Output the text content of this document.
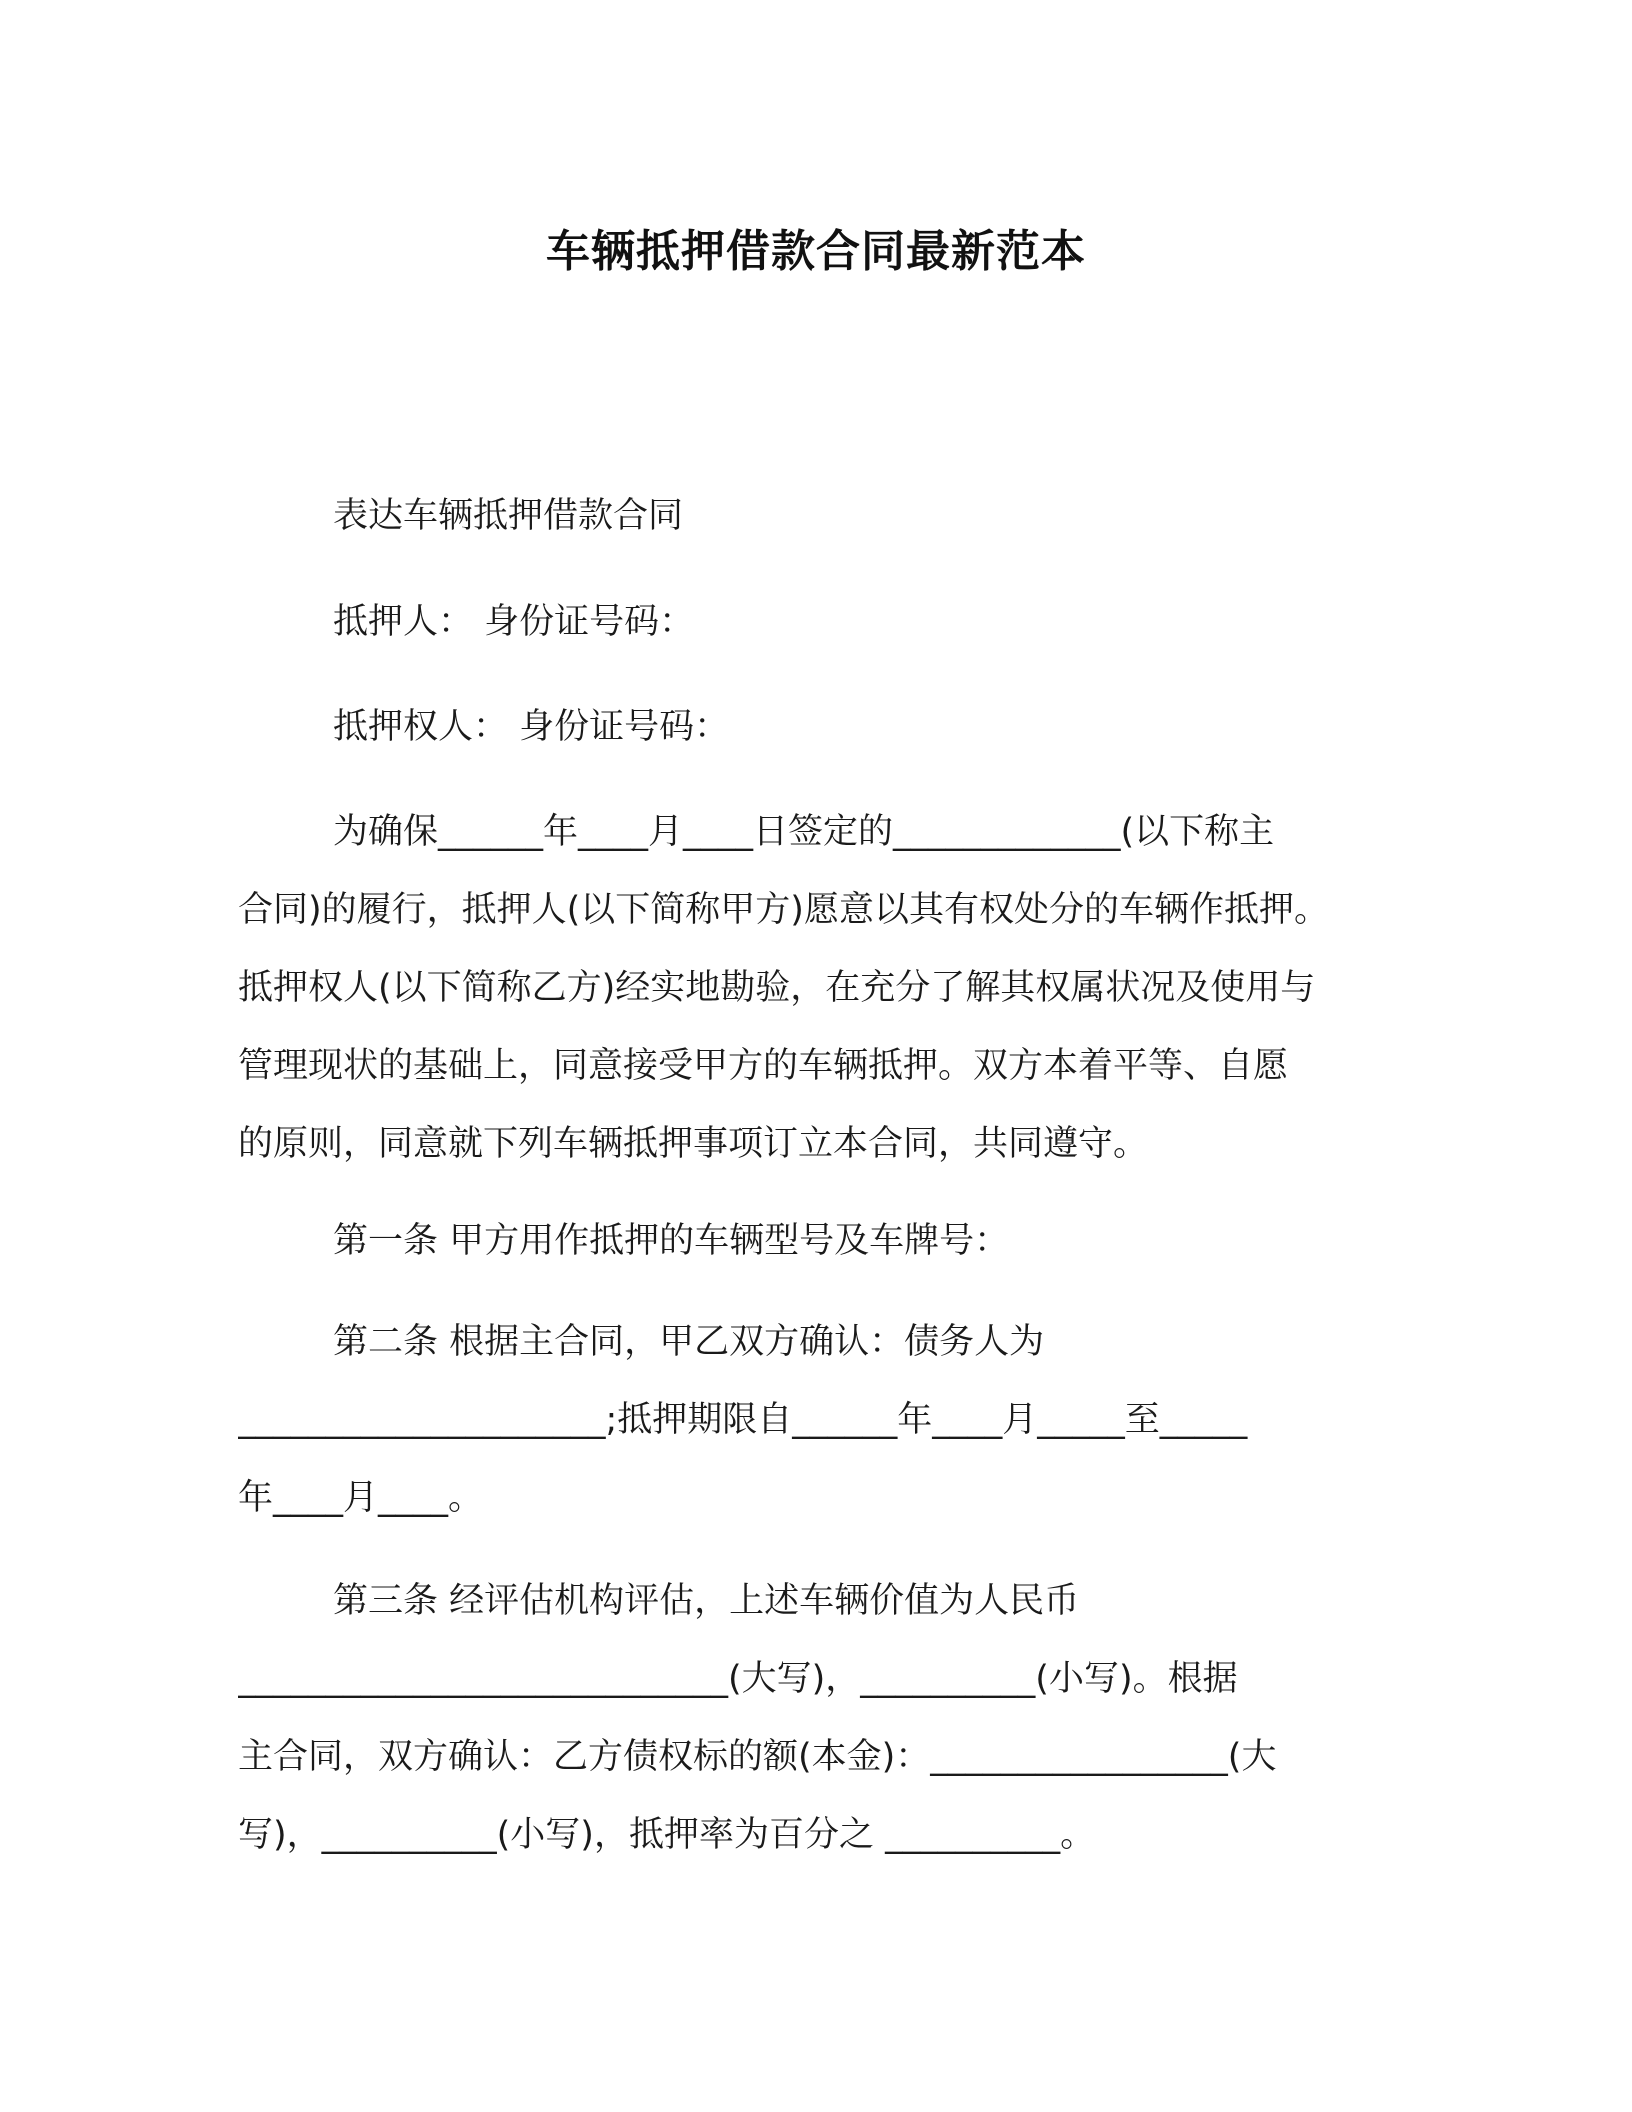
车辆抵押借款合同最新范本
表达车辆抵押借款合同
抵押人： 身份证号码：
抵押权人： 身份证号码：
为确保______年____月____日签定的_____________(以下称主
合同)的履行，抵押人(以下简称甲方)愿意以其有权处分的车辆作抵押。
抵押权人(以下简称乙方)经实地勘验，在充分了解其权属状况及使用与
管理现状的基础上，同意接受甲方的车辆抵押。双方本着平等、自愿
的原则，同意就下列车辆抵押事项订立本合同，共同遵守。
第一条 甲方用作抵押的车辆型号及车牌号：
第二条 根据主合同，甲乙双方确认：债务人为
_____________________;抵押期限自______年____月_____至_____
年____月____。
第三条 经评估机构评估，上述车辆价值为人民币
____________________________(大写)，__________(小写)。根据
主合同，双方确认：乙方债权标的额(本金)：_________________(大
写)，__________(小写)，抵押率为百分之 __________。
